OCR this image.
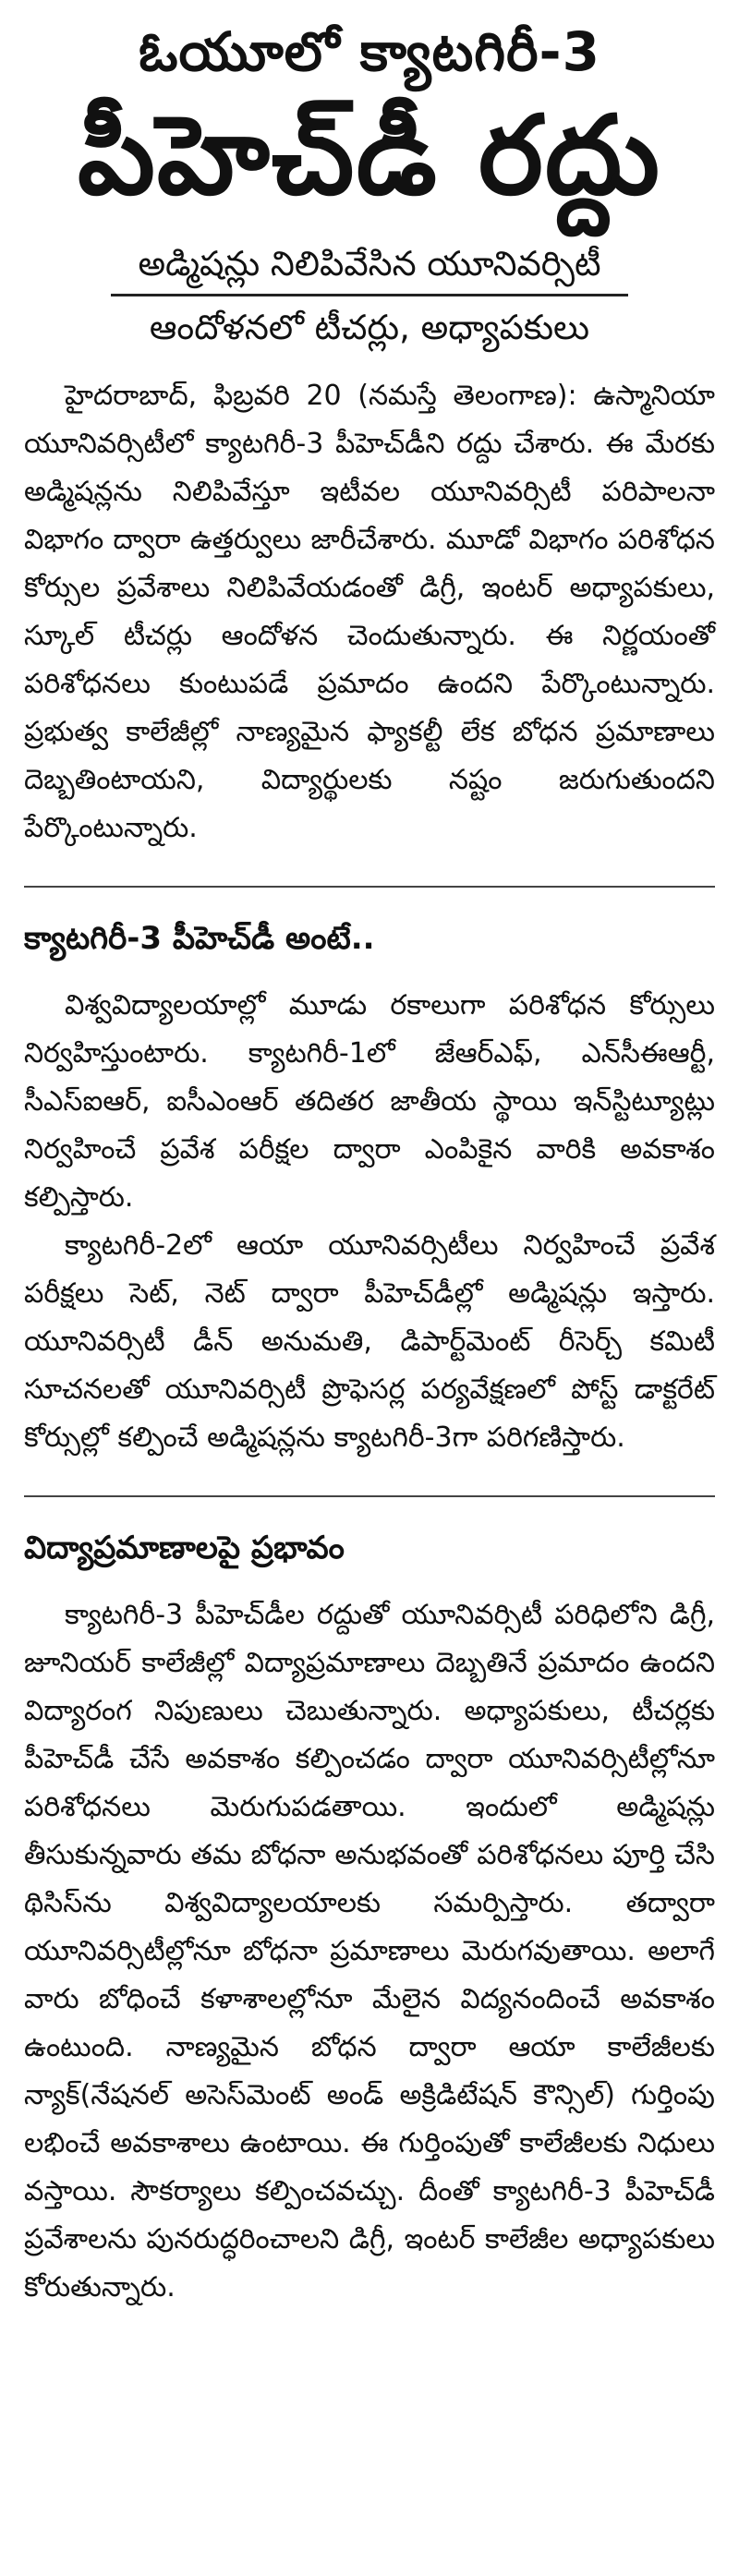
ఓయూలో క్యాటగిరీ-3
పీహెచ్‌డీ రద్దు

అడ్మిషన్లు నిలిపివేసిన యూనివర్సిటీ

ఆందోళనలో టీచర్లు, అధ్యాపకులు

హైదరాబాద్, ఫిబ్రవరి 20 (నమస్తే తెలంగాణ): ఉస్మానియా యూనివర్సిటీలో క్యాటగిరీ-3 పీహెచ్‌డీని రద్దు చేశారు. ఈ మేరకు అడ్మిషన్లను నిలిపివేస్తూ ఇటీవల యూనివర్సిటీ పరిపాలనా విభాగం ద్వారా ఉత్తర్వులు జారీచేశారు. మూడో విభాగం పరిశోధన కోర్సుల ప్రవేశాలు నిలిపివేయడంతో డిగ్రీ, ఇంటర్ అధ్యాపకులు, స్కూల్ టీచర్లు ఆందోళన చెందుతున్నారు. ఈ నిర్ణయంతో పరిశోధనలు కుంటుపడే ప్రమాదం ఉందని పేర్కొంటున్నారు. ప్రభుత్వ కాలేజీల్లో నాణ్యమైన ఫ్యాకల్టీ లేక బోధన ప్రమాణాలు దెబ్బతింటాయని, విద్యార్థులకు నష్టం జరుగుతుందని పేర్కొంటున్నారు.

క్యాటగిరీ-3 పీహెచ్‌డీ అంటే..

విశ్వవిద్యాలయాల్లో మూడు రకాలుగా పరిశోధన కోర్సులు నిర్వహిస్తుంటారు. క్యాటగిరీ-1లో జేఆర్ఎఫ్, ఎన్‌సీఈఆర్టీ, సీఎస్ఐఆర్, ఐసీఎంఆర్ తదితర జాతీయ స్థాయి ఇన్‌స్టిట్యూట్లు నిర్వహించే ప్రవేశ పరీక్షల ద్వారా ఎంపికైన వారికి అవకాశం కల్పిస్తారు.

క్యాటగిరీ-2లో ఆయా యూనివర్సిటీలు నిర్వహించే ప్రవేశ పరీక్షలు సెట్, నెట్ ద్వారా పీహెచ్‌డీల్లో అడ్మిషన్లు ఇస్తారు. యూనివర్సిటీ డీన్ అనుమతి, డిపార్ట్‌మెంట్ రీసెర్చ్ కమిటీ సూచనలతో యూనివర్సిటీ ప్రొఫెసర్ల పర్యవేక్షణలో పోస్ట్ డాక్టరేట్ కోర్సుల్లో కల్పించే అడ్మిషన్లను క్యాటగిరీ-3గా పరిగణిస్తారు.

విద్యాప్రమాణాలపై ప్రభావం

క్యాటగిరీ-3 పీహెచ్‌డీల రద్దుతో యూనివర్సిటీ పరిధిలోని డిగ్రీ, జూనియర్ కాలేజీల్లో విద్యాప్రమాణాలు దెబ్బతినే ప్రమాదం ఉందని విద్యారంగ నిపుణులు చెబుతున్నారు. అధ్యాపకులు, టీచర్లకు పీహెచ్‌డీ చేసే అవకాశం కల్పించడం ద్వారా యూనివర్సిటీల్లోనూ పరిశోధనలు మెరుగుపడతాయి. ఇందులో అడ్మిషన్లు తీసుకున్నవారు తమ బోధనా అనుభవంతో పరిశోధనలు పూర్తి చేసి థిసిస్‌ను విశ్వవిద్యాలయాలకు సమర్పిస్తారు. తద్వారా యూనివర్సిటీల్లోనూ బోధనా ప్రమాణాలు మెరుగవుతాయి. అలాగే వారు బోధించే కళాశాలల్లోనూ మేలైన విద్యనందించే అవకాశం ఉంటుంది. నాణ్యమైన బోధన ద్వారా ఆయా కాలేజీలకు న్యాక్(నేషనల్ అసెస్‌మెంట్ అండ్ అక్రిడిటేషన్ కౌన్సిల్) గుర్తింపు లభించే అవకాశాలు ఉంటాయి. ఈ గుర్తింపుతో కాలేజీలకు నిధులు వస్తాయి. సౌకర్యాలు కల్పించవచ్చు. దీంతో క్యాటగిరీ-3 పీహెచ్‌డీ ప్రవేశాలను పునరుద్ధరించాలని డిగ్రీ, ఇంటర్ కాలేజీల అధ్యాపకులు కోరుతున్నారు.
